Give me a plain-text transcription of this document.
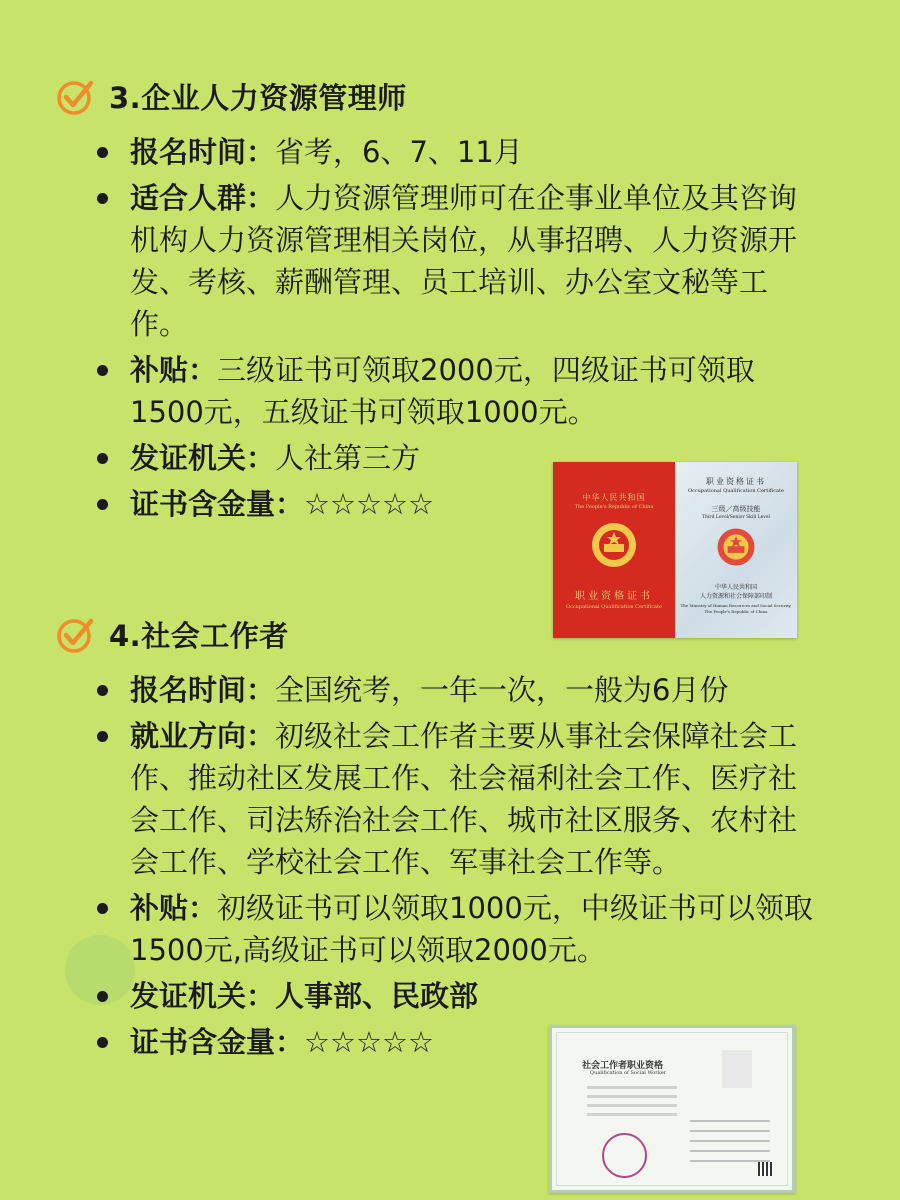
3.企业人力资源管理师
报名时间：省考，6、7、11月
适合人群：人力资源管理师可在企事业单位及其咨询机构人力资源管理相关岗位，从事招聘、人力资源开发、考核、薪酬管理、员工培训、办公室文秘等工作。
补贴：三级证书可领取2000元，四级证书可领取1500元，五级证书可领取1000元。
发证机关：人社第三方
证书含金量：☆☆☆☆☆	中华人民共和国
The People's Republic of China
职业资格证书
Occupational Qualification Certificate
职业资格证书
Occupational Qualification Certificate
三级／高级技能
Third Level/Senior Skill Level
中华人民共和国
人力资源和社会保障部印制
The Ministry of Human Resources and Social Security, The People's Republic of China
4.社会工作者
报名时间：全国统考，一年一次，一般为6月份
就业方向：初级社会工作者主要从事社会保障社会工作、推动社区发展工作、社会福利社会工作、医疗社会工作、司法矫治社会工作、城市社区服务、农村社会工作、学校社会工作、军事社会工作等。
补贴：初级证书可以领取1000元，中级证书可以领取1500元,高级证书可以领取2000元。
发证机关：人事部、民政部
证书含金量：☆☆☆☆☆
社会工作者职业资格
Qualification of Social Worker
